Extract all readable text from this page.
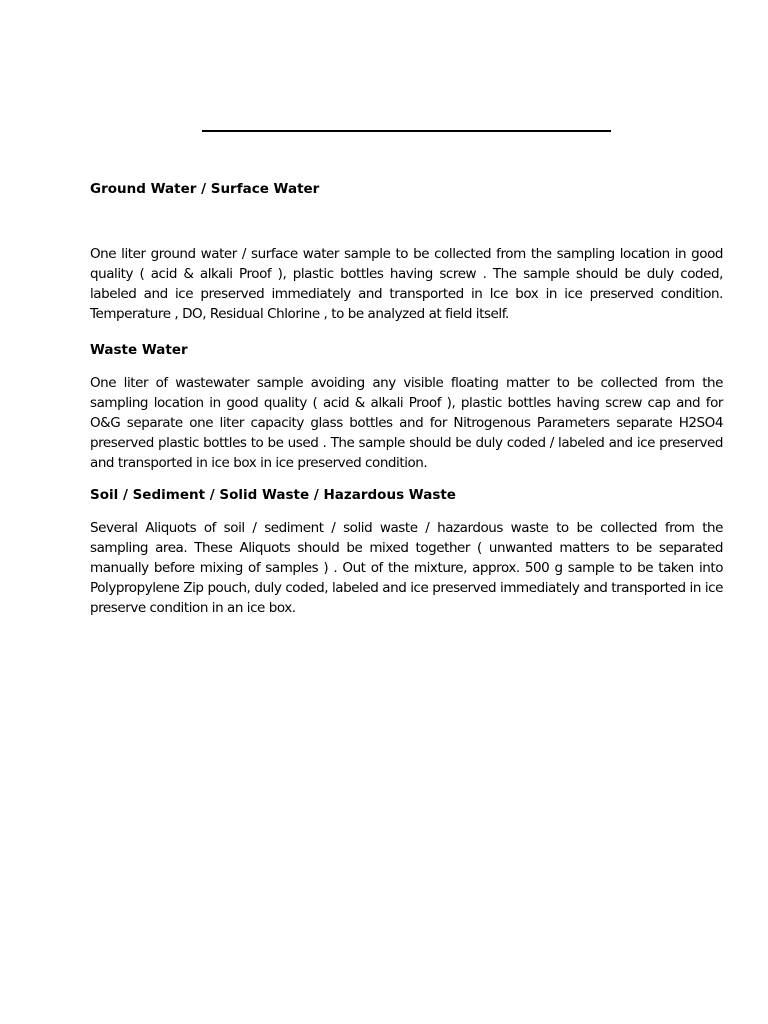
Ground Water / Surface Water

One liter ground water / surface water sample to be collected from the sampling location in good quality ( acid & alkali Proof ), plastic bottles having screw . The sample should be duly coded, labeled and ice preserved immediately and transported in Ice box in ice preserved condition. Temperature , DO, Residual Chlorine , to be analyzed at field itself.

Waste Water

One liter of wastewater sample avoiding any visible floating matter to be collected from the sampling location in good quality ( acid & alkali Proof ), plastic bottles having screw cap and for O&G separate one liter capacity glass bottles and for Nitrogenous Parameters separate H2SO4 preserved plastic bottles to be used . The sample should be duly coded / labeled and ice preserved and transported in ice box in ice preserved condition.

Soil / Sediment / Solid Waste / Hazardous Waste

Several Aliquots of soil / sediment / solid waste / hazardous waste to be collected from the sampling area. These Aliquots should be mixed together ( unwanted matters to be separated manually before mixing of samples ) . Out of the mixture, approx. 500 g sample to be taken into Polypropylene Zip pouch, duly coded, labeled and ice preserved immediately and transported in ice preserve condition in an ice box.
